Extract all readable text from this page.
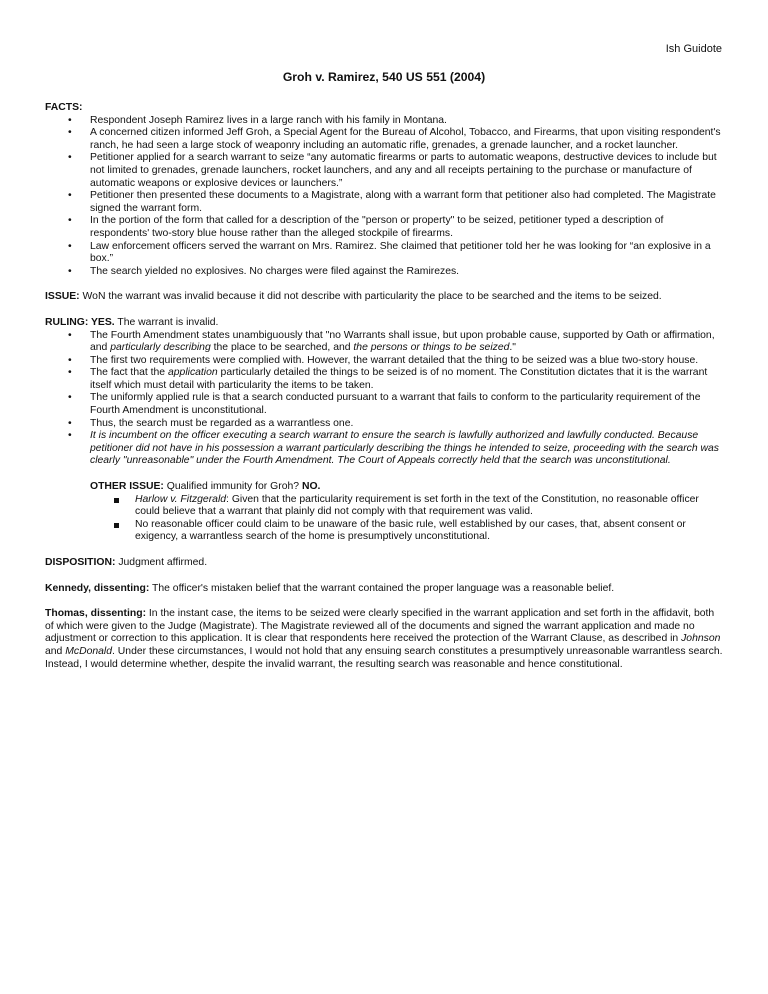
Ish Guidote
Groh v. Ramirez, 540 US 551 (2004)
FACTS:
• Respondent Joseph Ramirez lives in a large ranch with his family in Montana.
• A concerned citizen informed Jeff Groh, a Special Agent for the Bureau of Alcohol, Tobacco, and Firearms, that upon visiting respondent's ranch, he had seen a large stock of weaponry including an automatic rifle, grenades, a grenade launcher, and a rocket launcher.
• Petitioner applied for a search warrant to seize “any automatic firearms or parts to automatic weapons, destructive devices to include but not limited to grenades, grenade launchers, rocket launchers, and any and all receipts pertaining to the purchase or manufacture of automatic weapons or explosive devices or launchers.”
• Petitioner then presented these documents to a Magistrate, along with a warrant form that petitioner also had completed. The Magistrate signed the warrant form.
• In the portion of the form that called for a description of the "person or property" to be seized, petitioner typed a description of respondents' two-story blue house rather than the alleged stockpile of firearms.
• Law enforcement officers served the warrant on Mrs. Ramirez. She claimed that petitioner told her he was looking for “an explosive in a box.”
• The search yielded no explosives. No charges were filed against the Ramirezes.

ISSUE: WoN the warrant was invalid because it did not describe with particularity the place to be searched and the items to be seized.

RULING: YES. The warrant is invalid.

• The Fourth Amendment states unambiguously that "no Warrants shall issue, but upon probable cause, supported by Oath or affirmation, and particularly describing the place to be searched, and the persons or things to be seized."
• The first two requirements were complied with. However, the warrant detailed that the thing to be seized was a blue two-story house.
• The fact that the application particularly detailed the things to be seized is of no moment. The Constitution dictates that it is the warrant itself which must detail with particularity the items to be taken.
• The uniformly applied rule is that a search conducted pursuant to a warrant that fails to conform to the particularity requirement of the Fourth Amendment is unconstitutional.
• Thus, the search must be regarded as a warrantless one.
• It is incumbent on the officer executing a search warrant to ensure the search is lawfully authorized and lawfully conducted. Because petitioner did not have in his possession a warrant particularly describing the things he intended to seize, proceeding with the search was clearly "unreasonable" under the Fourth Amendment. The Court of Appeals correctly held that the search was unconstitutional.

OTHER ISSUE: Qualified immunity for Groh? NO.

Harlow v. Fitzgerald: Given that the particularity requirement is set forth in the text of the Constitution, no reasonable officer could believe that a warrant that plainly did not comply with that requirement was valid.
No reasonable officer could claim to be unaware of the basic rule, well established by our cases, that, absent consent or exigency, a warrantless search of the home is presumptively unconstitutional.

DISPOSITION: Judgment affirmed.

Kennedy, dissenting: The officer's mistaken belief that the warrant contained the proper language was a reasonable belief.

Thomas, dissenting: In the instant case, the items to be seized were clearly specified in the warrant application and set forth in the affidavit, both of which were given to the Judge (Magistrate). The Magistrate reviewed all of the documents and signed the warrant application and made no adjustment or correction to this application. It is clear that respondents here received the protection of the Warrant Clause, as described in Johnson and McDonald. Under these circumstances, I would not hold that any ensuing search constitutes a presumptively unreasonable warrantless search. Instead, I would determine whether, despite the invalid warrant, the resulting search was reasonable and hence constitutional.
